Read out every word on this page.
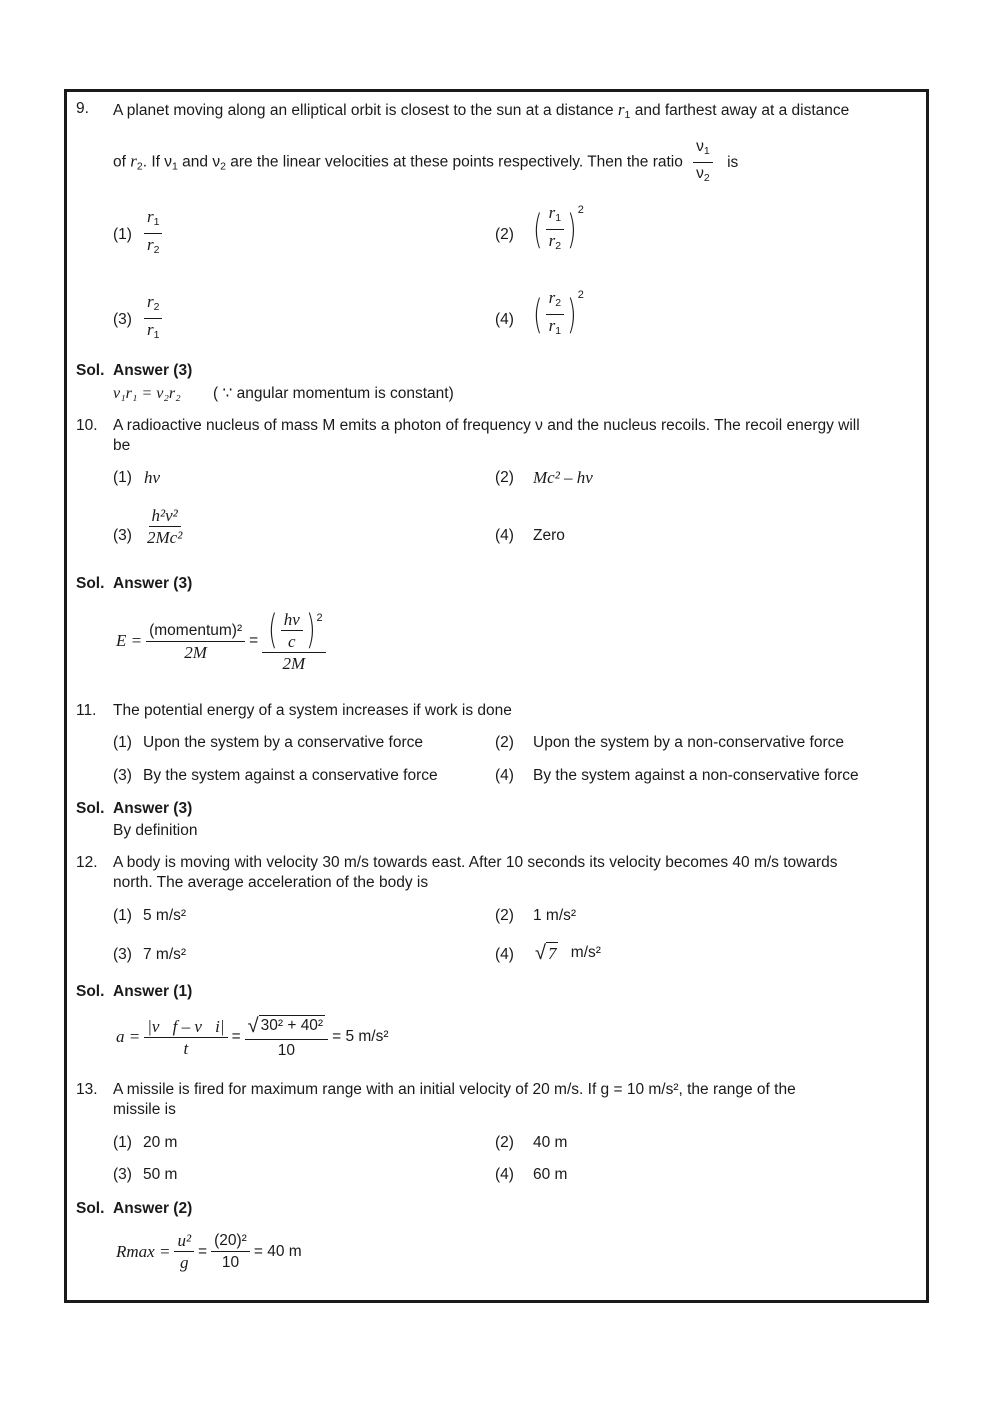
9. A planet moving along an elliptical orbit is closest to the sun at a distance $r_1$ and farthest away at a distance
of $r_2$. If $\nu_1$ and $\nu_2$ are the linear velocities at these points respectively. Then the ratio $\frac{\nu_1}{\nu_2}$ is
$(1) \frac{r_1}{r_2}$	(2) ( $\frac{r_1}{r_2}$ ) 2
$(3) \frac{r_2}{r_1}$	(4) ( $\frac{r_2}{r_1}$ ) 2
Sol. Answer (3)
v₁r₁ = v₂r₂ ( ∵ angular momentum is constant)
10. A radioactive nucleus of mass M emits a photon of frequency ν and the nucleus recoils. The recoil energy will
be
(1) hν	(2) Mc² – hν
$(3) \frac{\text{h²ν²}}{\text{2Mc²}}$	(4) Zero
Sol. Answer (3)
$E = \frac{\text{(momentum)²}}{2M} = \frac{( \frac{h\nu}{c} ) 2}{2M}$
11. The potential energy of a system increases if work is done
(1) Upon the system by a conservative force	(2) Upon the system by a non-conservative force
(3) By the system against a conservative force	(4) By the system against a non-conservative force
Sol. Answer (3)
By definition
12. A body is moving with velocity 30 m/s towards east. After 10 seconds its velocity becomes 40 m/s towards
north. The average acceleration of the body is
(1) 5 m/s²	(2) 1 m/s²
(3) 7 m/s²	(4) √ 7 m/s²
Sol. Answer (1)
$a = \frac{|v⃗f - v⃗i|}{t} = \frac{\text{√ 30² + 40²}}{10} = 5$ m/s²
13. A missile is fired for maximum range with an initial velocity of 20 m/s. If g = 10 m/s², the range of the
missile is
(1) 20 m	(2) 40 m
(3) 50 m	(4) 60 m
Sol. Answer (2)
$Rmax = \frac{\text{u²}}{g} = \frac{\text{(20)²}}{10} = 40$ m
